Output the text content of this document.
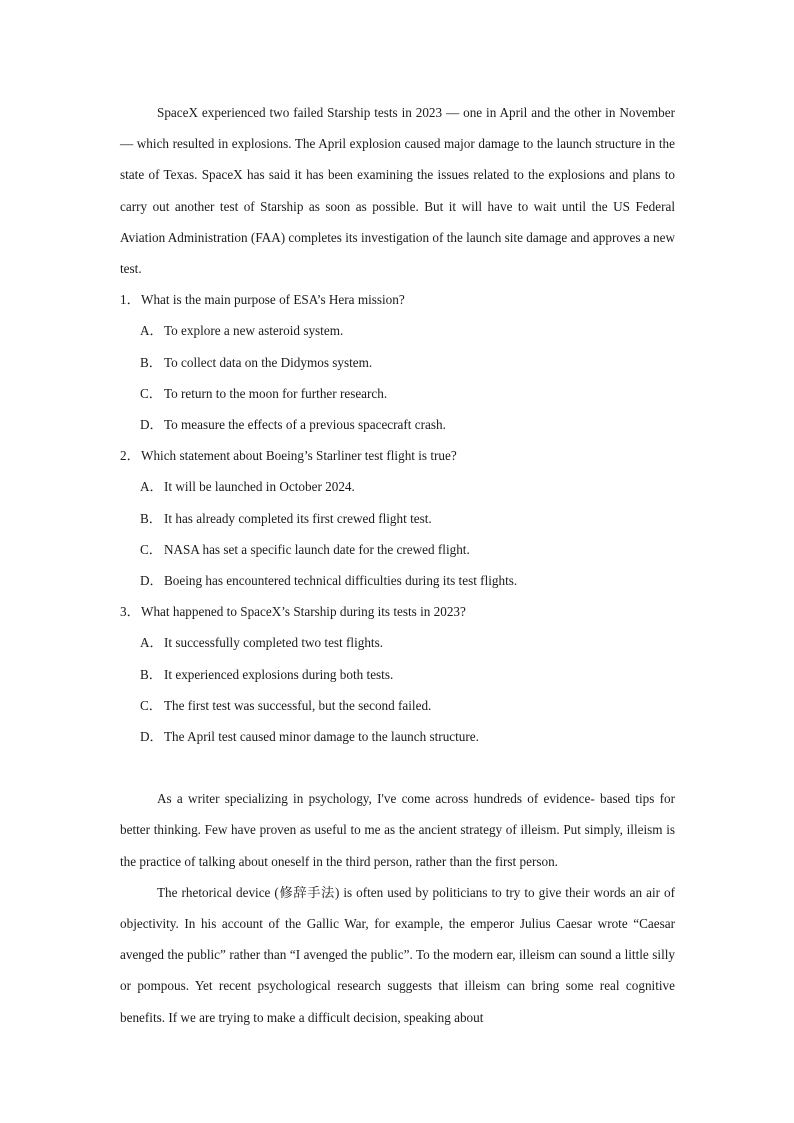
SpaceX experienced two failed Starship tests in 2023 — one in April and the other in November — which resulted in explosions. The April explosion caused major damage to the launch structure in the state of Texas. SpaceX has said it has been examining the issues related to the explosions and plans to carry out another test of Starship as soon as possible. But it will have to wait until the US Federal Aviation Administration (FAA) completes its investigation of the launch site damage and approves a new test.

1．What is the main purpose of ESA’s Hera mission?
A．To explore a new asteroid system.
B． To collect data on the Didymos system.
C． To return to the moon for further research.
D．To measure the effects of a previous spacecraft crash.
2．Which statement about Boeing’s Starliner test flight is true?
A．It will be launched in October 2024.
B． It has already completed its first crewed flight test.
C． NASA has set a specific launch date for the crewed flight.
D．Boeing has encountered technical difficulties during its test flights.
3．What happened to SpaceX’s Starship during its tests in 2023?
A．It successfully completed two test flights.
B． It experienced explosions during both tests.
C． The first test was successful, but the second failed.
D．The April test caused minor damage to the launch structure.

As a writer specializing in psychology, I've come across hundreds of evidence- based tips for better thinking. Few have proven as useful to me as the ancient strategy of illeism. Put simply, illeism is the practice of talking about oneself in the third person, rather than the first person.

The rhetorical device (修辞手法) is often used by politicians to try to give their words an air of objectivity. In his account of the Gallic War, for example, the emperor Julius Caesar wrote “Caesar avenged the public” rather than “I avenged the public”. To the modern ear, illeism can sound a little silly or pompous. Yet recent psychological research suggests that illeism can bring some real cognitive benefits. If we are trying to make a difficult decision, speaking about
